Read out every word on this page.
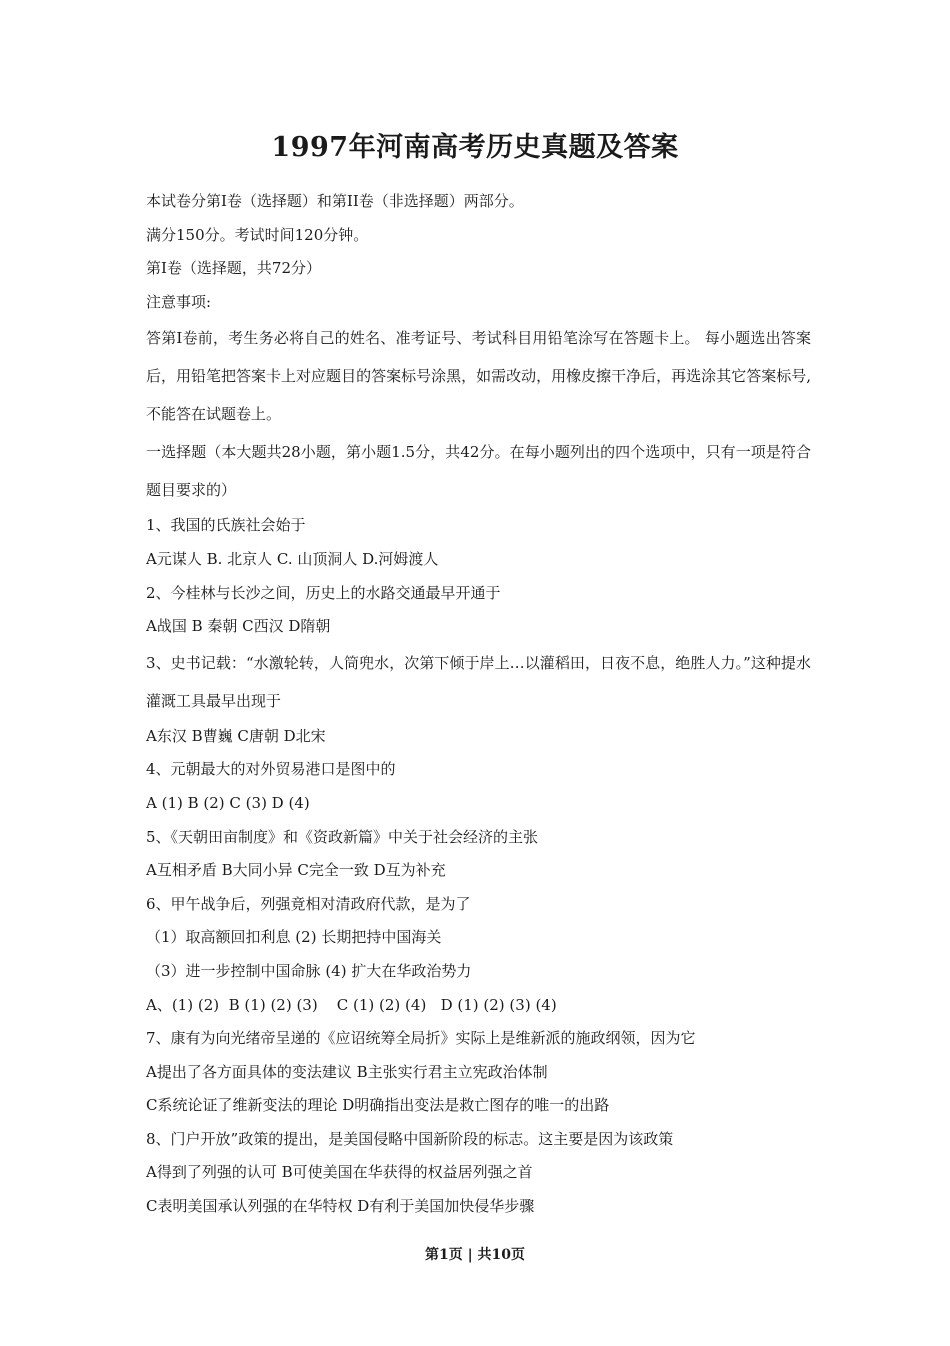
1997年河南高考历史真题及答案
本试卷分第Ⅰ卷（选择题）和第II卷（非选择题）两部分。
满分150分。考试时间120分钟。
第Ⅰ卷（选择题，共72分）
注意事项:
答第Ⅰ卷前，考生务必将自己的姓名、准考证号、考试科目用铅笔涂写在答题卡上。 每小题选出答案后，用铅笔把答案卡上对应题目的答案标号涂黑，如需改动，用橡皮擦干净后，再选涂其它答案标号,不能答在试题卷上。
一选择题（本大题共28小题，第小题1.5分，共42分。在每小题列出的四个选项中，只有一项是符合题目要求的）
1、我国的氏族社会始于
A元谋人 B. 北京人 C. 山顶洞人 D.河姆渡人
2、今桂林与长沙之间，历史上的水路交通最早开通于
A战国 B 秦朝 C西汉 D隋朝
3、史书记载：“水激轮转，人筒兜水，次第下倾于岸上…以灌稻田，日夜不息，绝胜人力。”这种提水灌溉工具最早出现于
A东汉 B曹巍 C唐朝 D北宋
4、元朝最大的对外贸易港口是图中的
A (1) B (2) C (3) D (4)
5、《天朝田亩制度》和《资政新篇》中关于社会经济的主张
A互相矛盾 B大同小异 C完全一致 D互为补充
6、甲午战争后，列强竟相对清政府代款，是为了
（1）取高额回扣利息 (2) 长期把持中国海关
（3）进一步控制中国命脉 (4) 扩大在华政治势力
A、(1) (2)  B (1) (2) (3)    C (1) (2) (4)   D (1) (2) (3) (4)
7、康有为向光绪帝呈递的《应诏统筹全局折》实际上是维新派的施政纲领，因为它
A提出了各方面具体的变法建议 B主张实行君主立宪政治体制
C系统论证了维新变法的理论 D明确指出变法是救亡图存的唯一的出路
8、门户开放”政策的提出，是美国侵略中国新阶段的标志。这主要是因为该政策
A得到了列强的认可 B可使美国在华获得的权益居列强之首
C表明美国承认列强的在华特权 D有利于美国加快侵华步骤
第1页 | 共10页
